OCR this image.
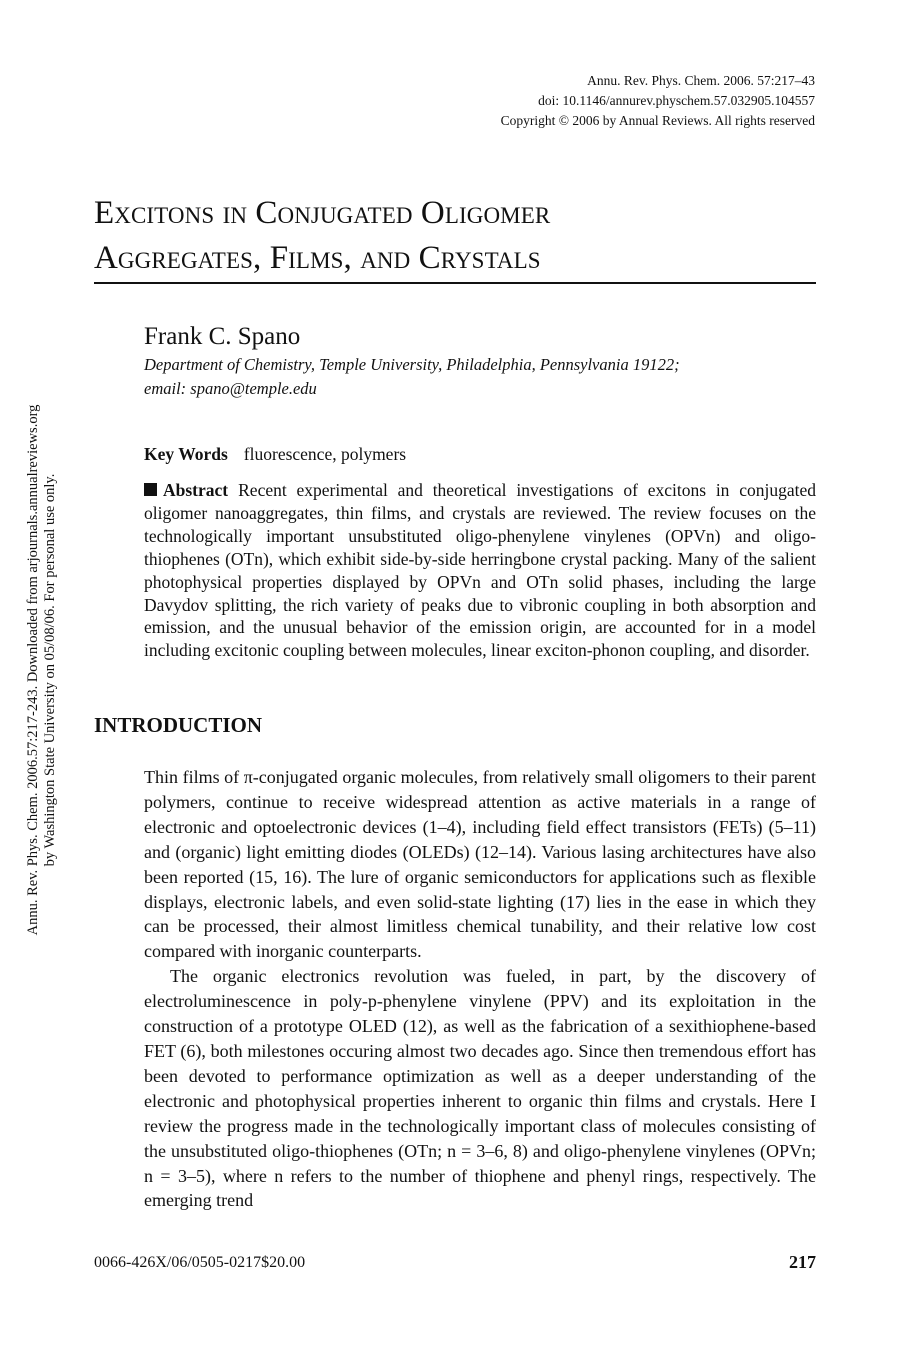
Annu. Rev. Phys. Chem. 2006. 57:217–43
doi: 10.1146/annurev.physchem.57.032905.104557
Copyright © 2006 by Annual Reviews. All rights reserved
Excitons in Conjugated Oligomer
Aggregates, Films, and Crystals
Frank C. Spano
Department of Chemistry, Temple University, Philadelphia, Pennsylvania 19122;
email: spano@temple.edu
Key Words fluorescence, polymers
Abstract Recent experimental and theoretical investigations of excitons in conjugated oligomer nanoaggregates, thin films, and crystals are reviewed. The review focuses on the technologically important unsubstituted oligo-phenylene vinylenes (OPVn) and oligo-thiophenes (OTn), which exhibit side-by-side herringbone crystal packing. Many of the salient photophysical properties displayed by OPVn and OTn solid phases, including the large Davydov splitting, the rich variety of peaks due to vibronic coupling in both absorption and emission, and the unusual behavior of the emission origin, are accounted for in a model including excitonic coupling between molecules, linear exciton-phonon coupling, and disorder.
INTRODUCTION

Thin films of π-conjugated organic molecules, from relatively small oligomers to their parent polymers, continue to receive widespread attention as active materials in a range of electronic and optoelectronic devices (1–4), including field effect transistors (FETs) (5–11) and (organic) light emitting diodes (OLEDs) (12–14). Various lasing architectures have also been reported (15, 16). The lure of organic semiconductors for applications such as flexible displays, electronic labels, and even solid-state lighting (17) lies in the ease in which they can be processed, their almost limitless chemical tunability, and their relative low cost compared with inorganic counterparts.

The organic electronics revolution was fueled, in part, by the discovery of electroluminescence in poly-p-phenylene vinylene (PPV) and its exploitation in the construction of a prototype OLED (12), as well as the fabrication of a sexithiophene-based FET (6), both milestones occuring almost two decades ago. Since then tremendous effort has been devoted to performance optimization as well as a deeper understanding of the electronic and photophysical properties inherent to organic thin films and crystals. Here I review the progress made in the technologically important class of molecules consisting of the unsubstituted oligo-thiophenes (OTn; n = 3–6, 8) and oligo-phenylene vinylenes (OPVn; n = 3–5), where n refers to the number of thiophene and phenyl rings, respectively. The emerging trend

0066-426X/06/0505-0217$20.00	217
Annu. Rev. Phys. Chem. 2006.57:217-243. Downloaded from arjournals.annualreviews.org by Washington State University on 05/08/06. For personal use only.
